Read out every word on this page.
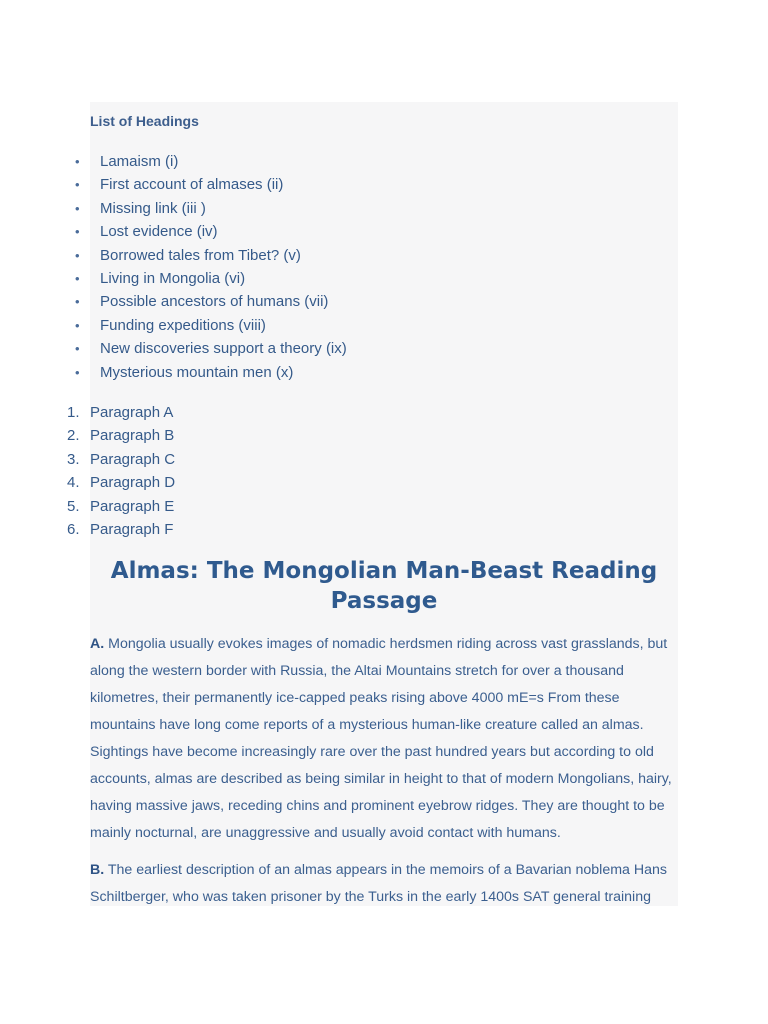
List of Headings
• Lamaism (i)
• First account of almases (ii)
• Missing link (iii )
• Lost evidence (iv)
• Borrowed tales from Tibet? (v)
• Living in Mongolia (vi)
• Possible ancestors of humans (vii)
• Funding expeditions (viii)
• New discoveries support a theory (ix)
• Mysterious mountain men (x)
1. Paragraph A
2. Paragraph B
3. Paragraph C
4. Paragraph D
5. Paragraph E
6. Paragraph F
Almas: The Mongolian Man-Beast Reading Passage

A. Mongolia usually evokes images of nomadic herdsmen riding across vast grasslands, but along the western border with Russia, the Altai Mountains stretch for over a thousand kilometres, their permanently ice-capped peaks rising above 4000 mE=s From these mountains have long come reports of a mysterious human-like creature called an almas. Sightings have become increasingly rare over the past hundred years but according to old accounts, almas are described as being similar in height to that of modern Mongolians, hairy, having massive jaws, receding chins and prominent eyebrow ridges. They are thought to be mainly nocturnal, are unaggressive and usually avoid contact with humans.

B. The earliest description of an almas appears in the memoirs of a Bavarian noblema Hans Schiltberger, who was taken prisoner by the Turks in the early 1400s SAT general training
